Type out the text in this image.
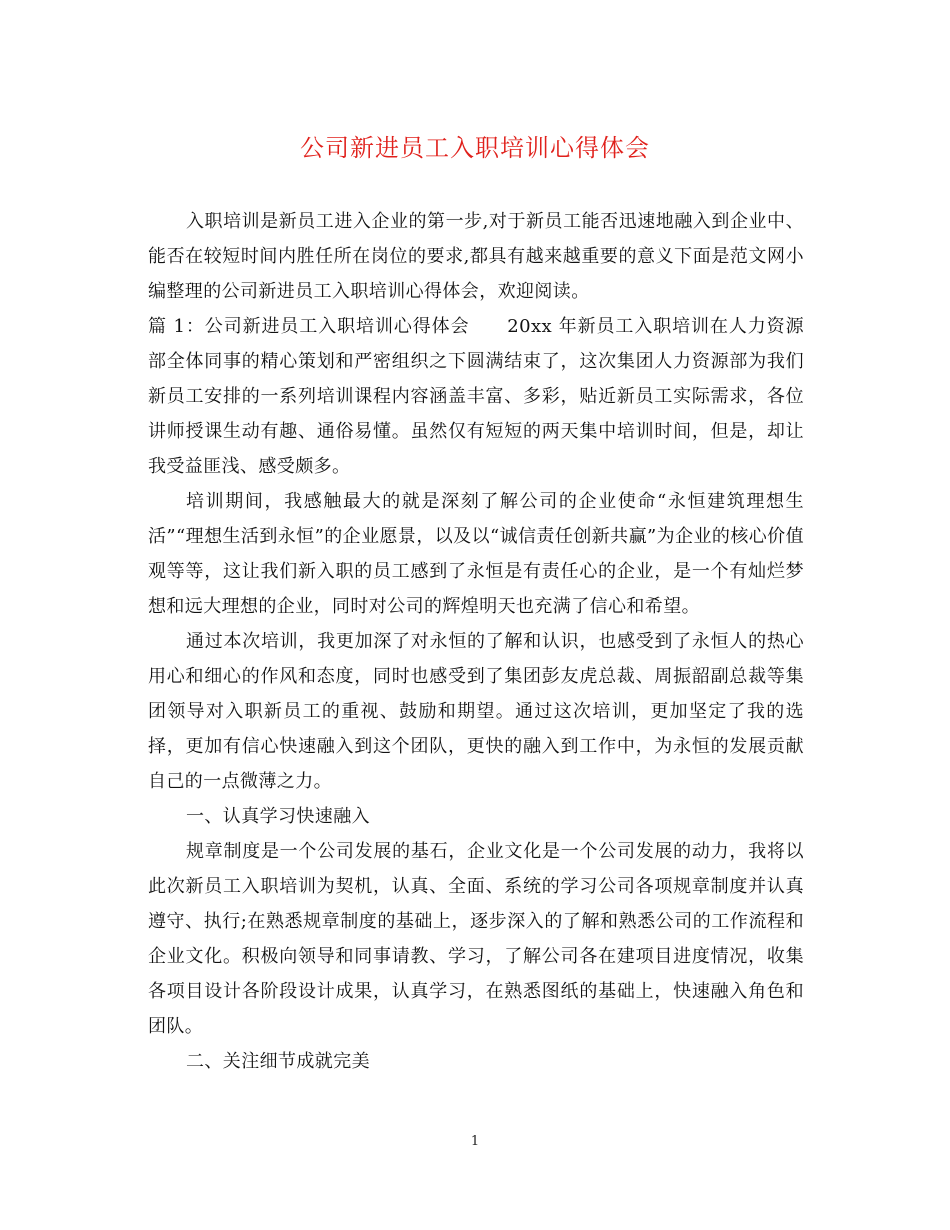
公司新进员工入职培训心得体会

入职培训是新员工进入企业的第一步,对于新员工能否迅速地融入到企业中、能否在较短时间内胜任所在岗位的要求,都具有越来越重要的意义下面是范文网小编整理的公司新进员工入职培训心得体会，欢迎阅读。

篇 1：公司新进员工入职培训心得体会　　20xx 年新员工入职培训在人力资源部全体同事的精心策划和严密组织之下圆满结束了，这次集团人力资源部为我们新员工安排的一系列培训课程内容涵盖丰富、多彩，贴近新员工实际需求，各位讲师授课生动有趣、通俗易懂。虽然仅有短短的两天集中培训时间，但是，却让我受益匪浅、感受颇多。

培训期间，我感触最大的就是深刻了解公司的企业使命“永恒建筑理想生活”“理想生活到永恒”的企业愿景，以及以“诚信责任创新共赢”为企业的核心价值观等等，这让我们新入职的员工感到了永恒是有责任心的企业，是一个有灿烂梦想和远大理想的企业，同时对公司的辉煌明天也充满了信心和希望。

通过本次培训，我更加深了对永恒的了解和认识，也感受到了永恒人的热心用心和细心的作风和态度，同时也感受到了集团彭友虎总裁、周振韶副总裁等集团领导对入职新员工的重视、鼓励和期望。通过这次培训，更加坚定了我的选择，更加有信心快速融入到这个团队，更快的融入到工作中，为永恒的发展贡献自己的一点微薄之力。

一、认真学习快速融入

规章制度是一个公司发展的基石，企业文化是一个公司发展的动力，我将以此次新员工入职培训为契机，认真、全面、系统的学习公司各项规章制度并认真遵守、执行;在熟悉规章制度的基础上，逐步深入的了解和熟悉公司的工作流程和企业文化。积极向领导和同事请教、学习，了解公司各在建项目进度情况，收集各项目设计各阶段设计成果，认真学习，在熟悉图纸的基础上，快速融入角色和团队。

二、关注细节成就完美

1
